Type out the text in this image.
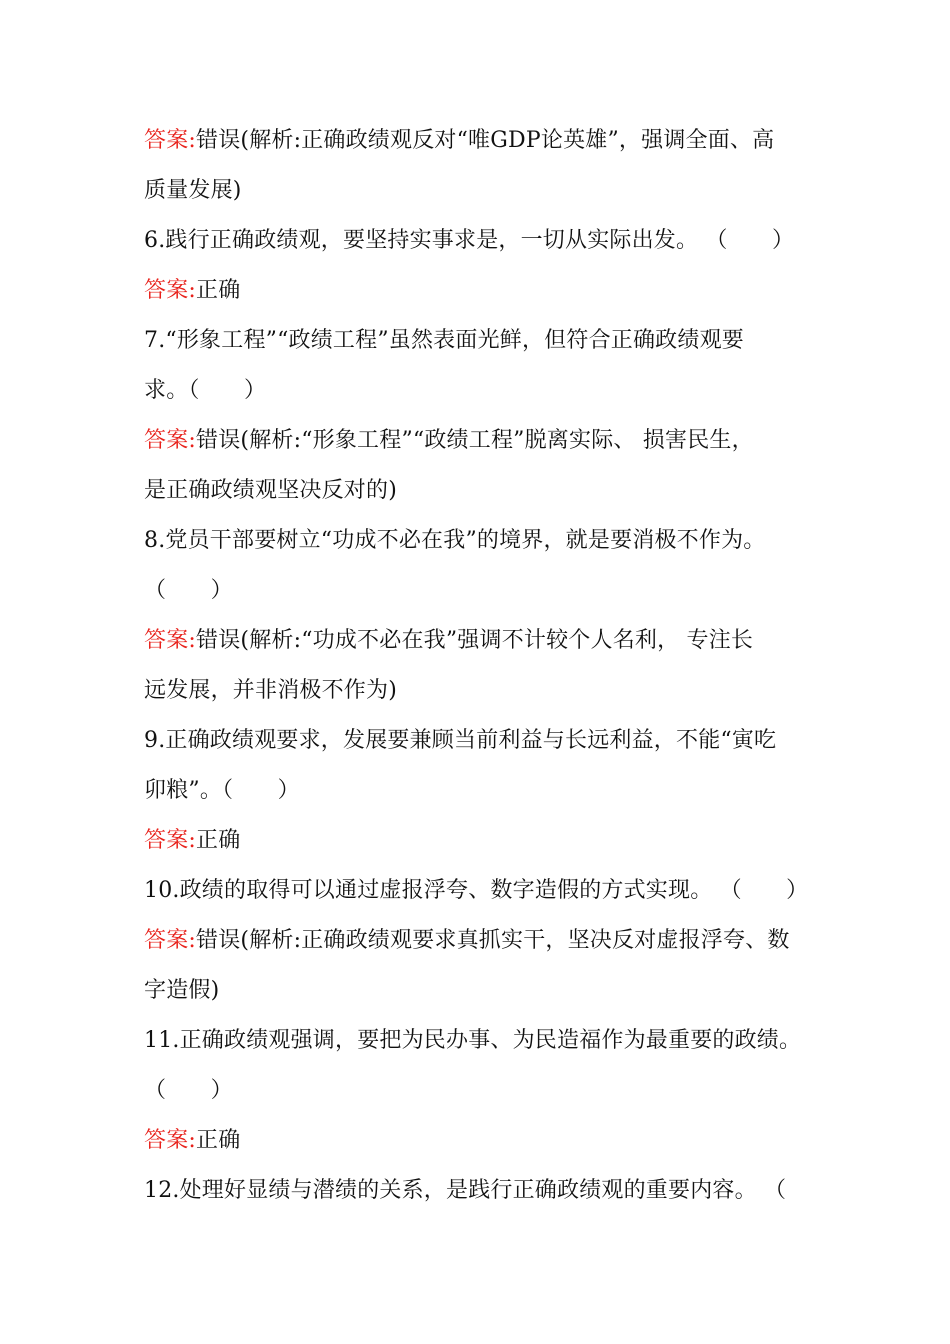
答案:错误(解析:正确政绩观反对“唯GDP论英雄”，强调全面、高
质量发展)
6.践行正确政绩观，要坚持实事求是，一切从实际出发。 （　　）
答案:正确
7.“形象工程”“政绩工程”虽然表面光鲜，但符合正确政绩观要
求。（　　）
答案:错误(解析:“形象工程”“政绩工程”脱离实际、 损害民生，
是正确政绩观坚决反对的)
8.党员干部要树立“功成不必在我”的境界，就是要消极不作为。
（　　）
答案:错误(解析:“功成不必在我”强调不计较个人名利， 专注长
远发展，并非消极不作为)
9.正确政绩观要求，发展要兼顾当前利益与长远利益，不能“寅吃
卯粮”。（　　）
答案:正确
10.政绩的取得可以通过虚报浮夸、数字造假的方式实现。 （　　）
答案:错误(解析:正确政绩观要求真抓实干，坚决反对虚报浮夸、数
字造假)
11.正确政绩观强调，要把为民办事、为民造福作为最重要的政绩。
（　　）
答案:正确
12.处理好显绩与潜绩的关系，是践行正确政绩观的重要内容。 （
